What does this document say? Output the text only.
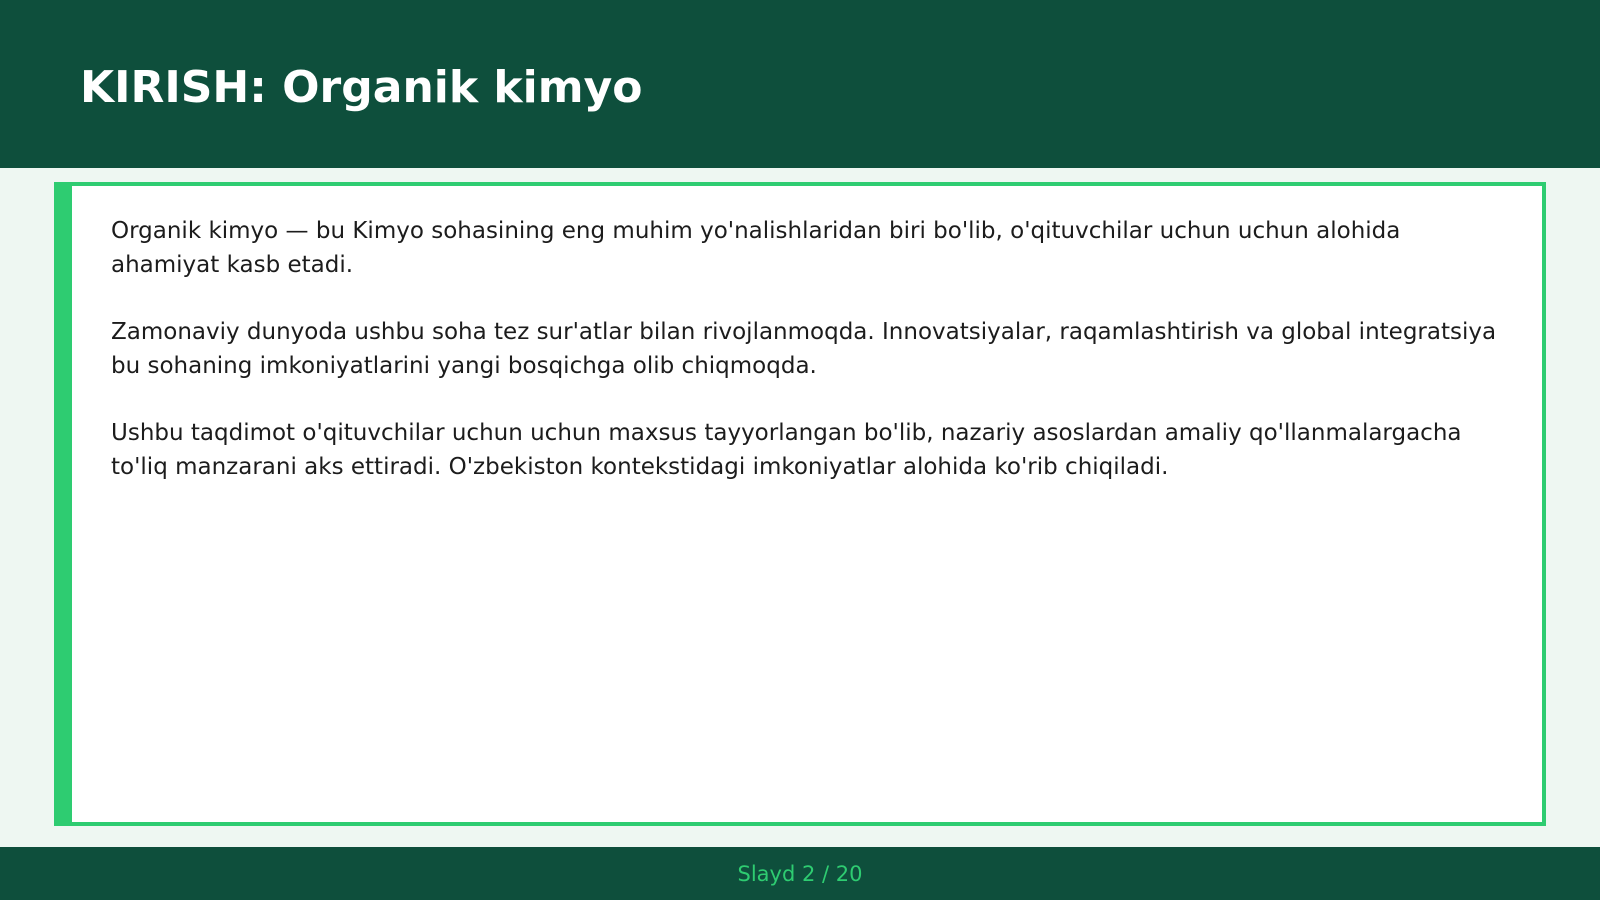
KIRISH: Organik kimyo

Organik kimyo — bu Kimyo sohasining eng muhim yo'nalishlaridan biri bo'lib, o'qituvchilar uchun uchun alohida ahamiyat kasb etadi.

Zamonaviy dunyoda ushbu soha tez sur'atlar bilan rivojlanmoqda. Innovatsiyalar, raqamlashtirish va global integratsiya bu sohaning imkoniyatlarini yangi bosqichga olib chiqmoqda.

Ushbu taqdimot o'qituvchilar uchun uchun maxsus tayyorlangan bo'lib, nazariy asoslardan amaliy qo'llanmalargacha to'liq manzarani aks ettiradi. O'zbekiston kontekstidagi imkoniyatlar alohida ko'rib chiqiladi.

Slayd 2 / 20
